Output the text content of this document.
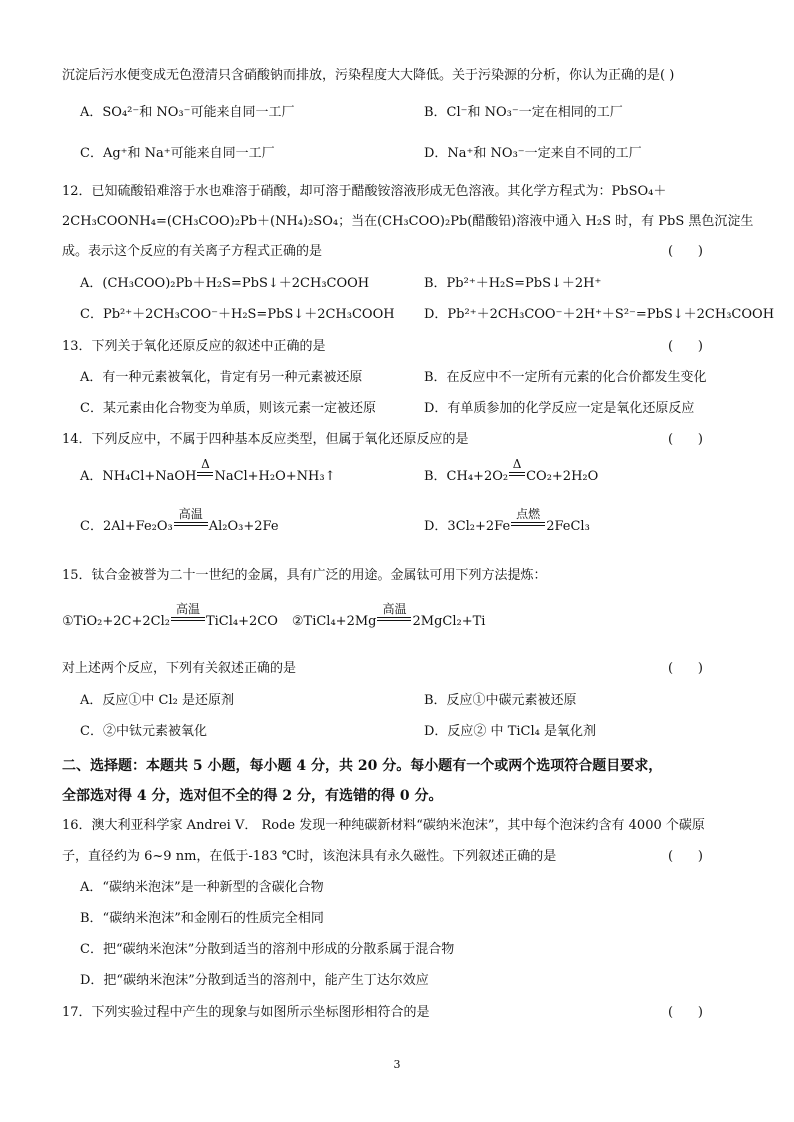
沉淀后污水便变成无色澄清只含硝酸钠而排放，污染程度大大降低。关于污染源的分析，你认为正确的是( )
A．SO₄²⁻和 NO₃⁻可能来自同一工厂	B．Cl⁻和 NO₃⁻一定在相同的工厂
C．Ag⁺和 Na⁺可能来自同一工厂	D．Na⁺和 NO₃⁻一定来自不同的工厂
12．已知硫酸铅难溶于水也难溶于硝酸，却可溶于醋酸铵溶液形成无色溶液。其化学方程式为：PbSO₄＋
2CH₃COONH₄=(CH₃COO)₂Pb＋(NH₄)₂SO₄；当在(CH₃COO)₂Pb(醋酸铅)溶液中通入 H₂S 时，有 PbS 黑色沉淀生
成。表示这个反应的有关离子方程式正确的是	(      )
A．(CH₃COO)₂Pb＋H₂S=PbS↓＋2CH₃COOH	B．Pb²⁺＋H₂S=PbS↓＋2H⁺
C．Pb²⁺＋2CH₃COO⁻＋H₂S=PbS↓＋2CH₃COOH D．Pb²⁺＋2CH₃COO⁻＋2H⁺＋S²⁻=PbS↓＋2CH₃COOH
13．下列关于氧化还原反应的叙述中正确的是	(      )
A．有一种元素被氧化，肯定有另一种元素被还原	B．在反应中不一定所有元素的化合价都发生变化
C．某元素由化合物变为单质，则该元素一定被还原	D．有单质参加的化学反应一定是氧化还原反应
14．下列反应中，不属于四种基本反应类型，但属于氧化还原反应的是	(      )
A．NH₄Cl+NaOH
Δ
NaCl+H₂O+NH₃↑	B．CH₄+2O₂
Δ
CO₂+2H₂O
C．2Al+Fe₂O₃
高温
Al₂O₃+2Fe	D．3Cl₂+2Fe
点燃
2FeCl₃
15．钛合金被誉为二十一世纪的金属，具有广泛的用途。金属钛可用下列方法提炼：
①TiO₂+2C+2Cl₂
高温
TiCl₄+2CO ②TiCl₄+2Mg
高温
2MgCl₂+Ti
对上述两个反应，下列有关叙述正确的是	(      )
A．反应①中 Cl₂ 是还原剂	B．反应①中碳元素被还原
C．②中钛元素被氧化	D．反应② 中 TiCl₄ 是氧化剂
二、选择题：本题共 5 小题，每小题 4 分，共 20 分。每小题有一个或两个选项符合题目要求，
全部选对得 4 分，选对但不全的得 2 分，有选错的得 0 分。
16．澳大利亚科学家 Andrei V． Rode 发现一种纯碳新材料“碳纳米泡沫”，其中每个泡沫约含有 4000 个碳原
子，直径约为 6~9 nm，在低于-183 ℃时，该泡沫具有永久磁性。下列叙述正确的是	(      )
A．“碳纳米泡沫”是一种新型的含碳化合物
B．“碳纳米泡沫”和金刚石的性质完全相同
C．把“碳纳米泡沫”分散到适当的溶剂中形成的分散系属于混合物
D．把“碳纳米泡沫”分散到适当的溶剂中，能产生丁达尔效应
17．下列实验过程中产生的现象与如图所示坐标图形相符合的是	(      )
3
